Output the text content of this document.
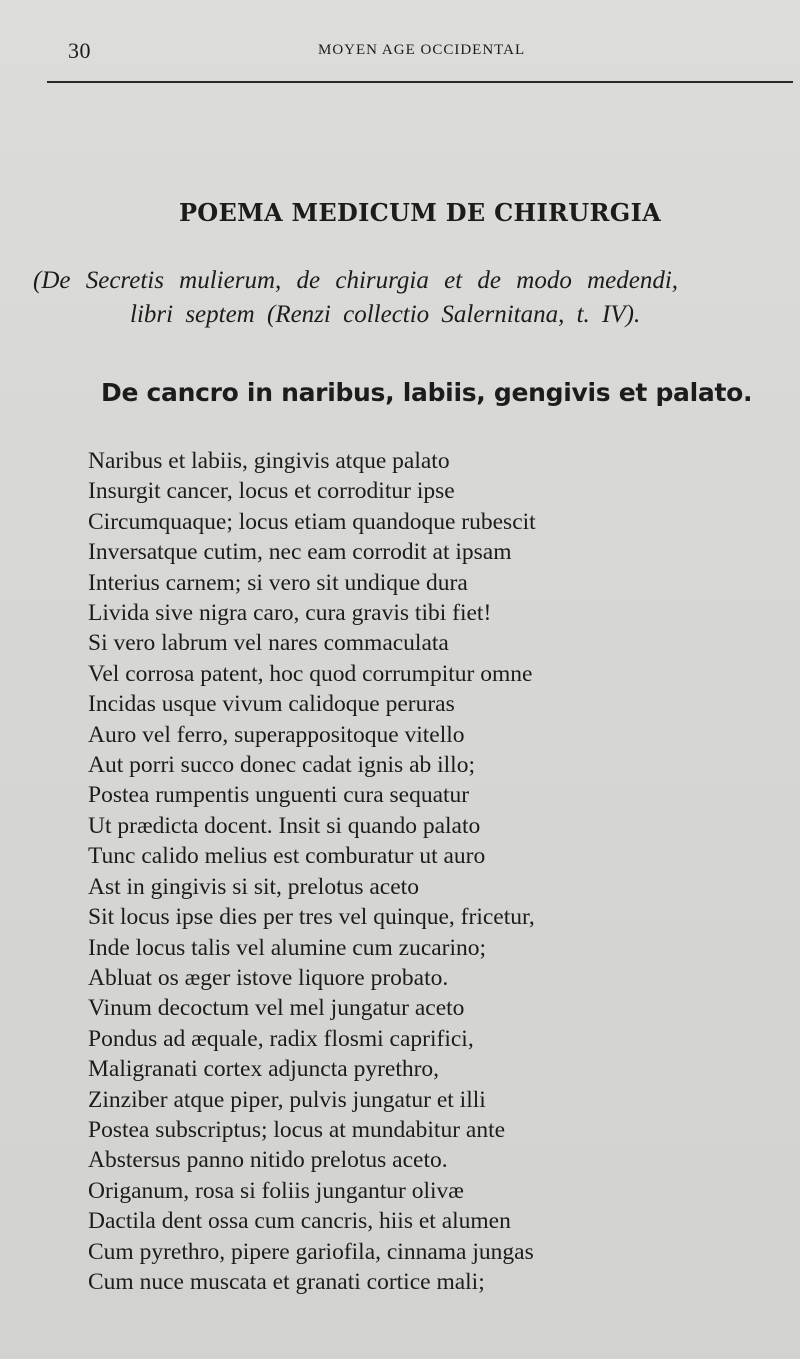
30	MOYEN AGE OCCIDENTAL
POEMA MEDICUM DE CHIRURGIA
(De Secretis mulierum, de chirurgia et de modo medendi,
libri septem (Renzi collectio Salernitana, t. IV).
De cancro in naribus, labiis, gengivis et palato.
Naribus et labiis, gingivis atque palato
Insurgit cancer, locus et corroditur ipse
Circumquaque; locus etiam quandoque rubescit
Inversatque cutim, nec eam corrodit at ipsam
Interius carnem; si vero sit undique dura
Livida sive nigra caro, cura gravis tibi fiet!
Si vero labrum vel nares commaculata
Vel corrosa patent, hoc quod corrumpitur omne
Incidas usque vivum calidoque peruras
Auro vel ferro, superappositoque vitello
Aut porri succo donec cadat ignis ab illo;
Postea rumpentis unguenti cura sequatur
Ut prædicta docent. Insit si quando palato
Tunc calido melius est comburatur ut auro
Ast in gingivis si sit, prelotus aceto
Sit locus ipse dies per tres vel quinque, fricetur,
Inde locus talis vel alumine cum zucarino;
Abluat os æger istove liquore probato.
Vinum decoctum vel mel jungatur aceto
Pondus ad æquale, radix flosmi caprifici,
Maligranati cortex adjuncta pyrethro,
Zinziber atque piper, pulvis jungatur et illi
Postea subscriptus; locus at mundabitur ante
Abstersus panno nitido prelotus aceto.
Origanum, rosa si foliis jungantur olivæ
Dactila dent ossa cum cancris, hiis et alumen
Cum pyrethro, pipere gariofila, cinnama jungas
Cum nuce muscata et granati cortice mali;
